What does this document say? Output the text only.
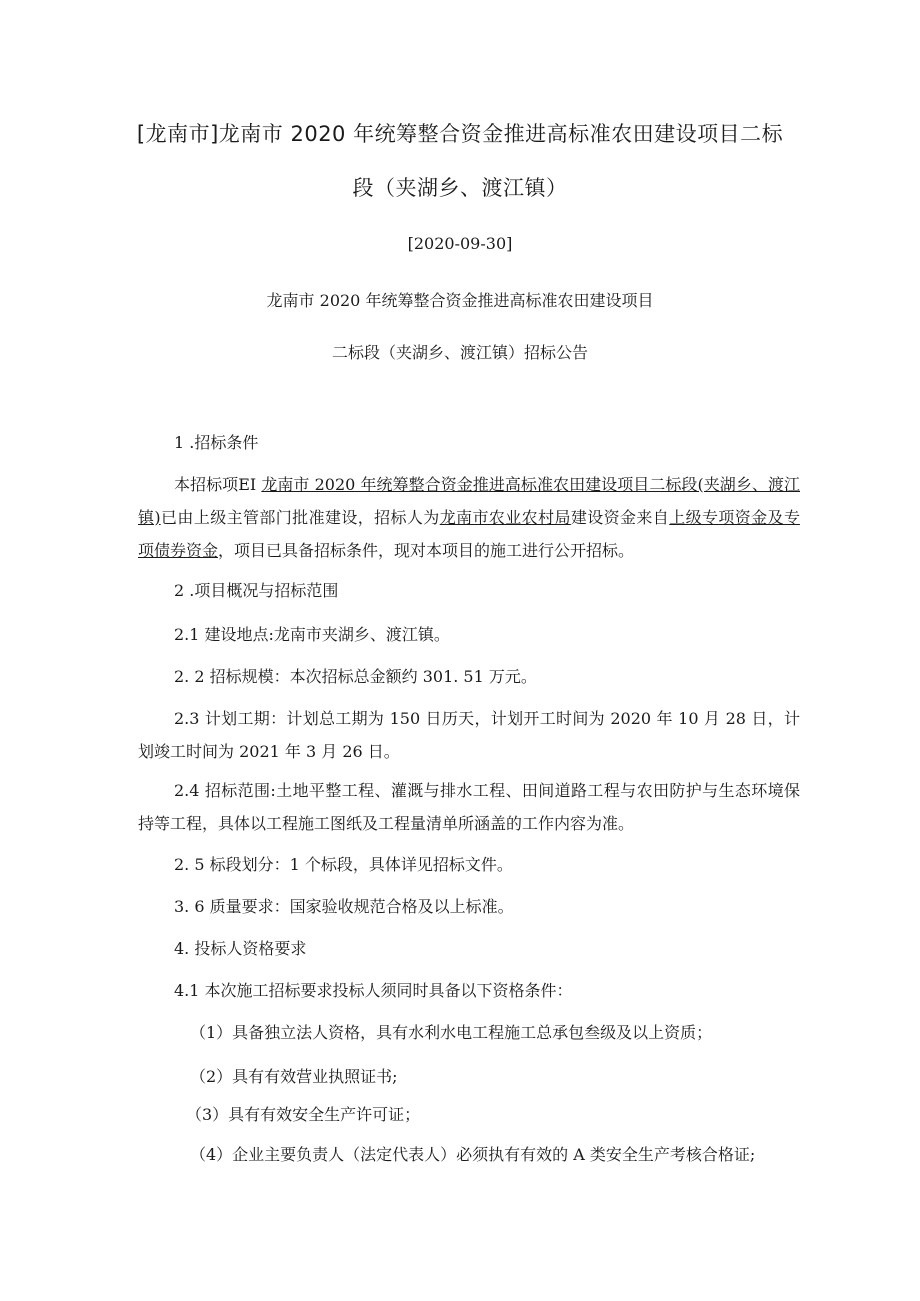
[龙南市]龙南市 2020 年统筹整合资金推进高标准农田建设项目二标
段（夹湖乡、渡江镇）
[2020-09-30]
龙南市 2020 年统筹整合资金推进高标准农田建设项目
二标段（夹湖乡、渡江镇）招标公告
1 .招标条件
本招标项EI 龙南市 2020 年统筹整合资金推进高标准农田建设项目二标段(夹湖乡、渡江镇)已由上级主管部门批准建设，招标人为龙南市农业农村局建设资金来自上级专项资金及专项债券资金，项目已具备招标条件，现对本项目的施工进行公开招标。
2 .项目概况与招标范围
2.1 建设地点:龙南市夹湖乡、渡江镇。
2. 2 招标规模：本次招标总金额约 301. 51 万元。
2.3 计划工期：计划总工期为 150 日历天，计划开工时间为 2020 年 10 月 28 日，计划竣工时间为 2021 年 3 月 26 日。
2.4 招标范围:土地平整工程、灌溉与排水工程、田间道路工程与农田防护与生态环境保持等工程，具体以工程施工图纸及工程量清单所涵盖的工作内容为准。
2. 5 标段划分：1 个标段，具体详见招标文件。
3. 6 质量要求：国家验收规范合格及以上标准。
4. 投标人资格要求
4.1 本次施工招标要求投标人须同时具备以下资格条件：
（1）具备独立法人资格，具有水利水电工程施工总承包叁级及以上资质；
（2）具有有效营业执照证书;
（3）具有有效安全生产许可证；
（4）企业主要负责人（法定代表人）必须执有有效的 A 类安全生产考核合格证;
